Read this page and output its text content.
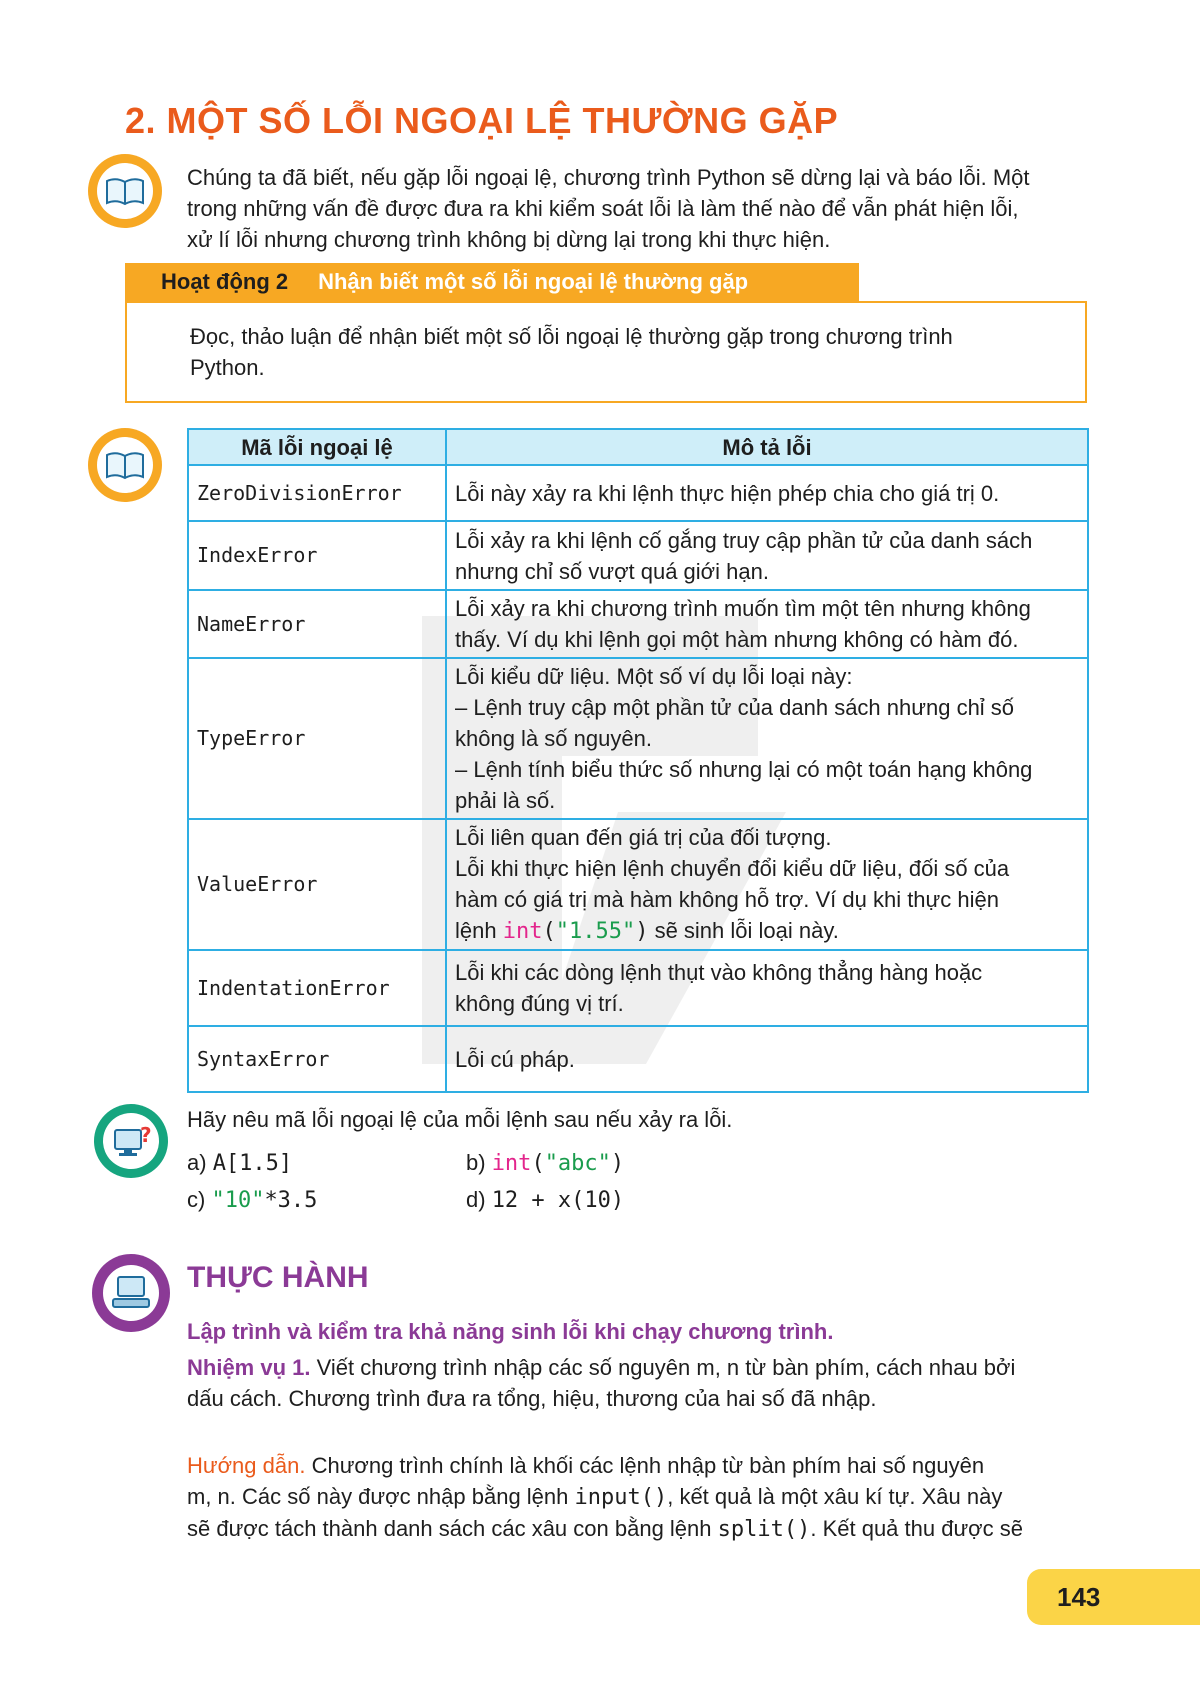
2. MỘT SỐ LỖI NGOẠI LỆ THƯỜNG GẶP
Chúng ta đã biết, nếu gặp lỗi ngoại lệ, chương trình Python sẽ dừng lại và báo lỗi. Một
trong những vấn đề được đưa ra khi kiểm soát lỗi là làm thế nào để vẫn phát hiện lỗi,
xử lí lỗi nhưng chương trình không bị dừng lại trong khi thực hiện.
Hoạt động 2 Nhận biết một số lỗi ngoại lệ thường gặp
Đọc, thảo luận để nhận biết một số lỗi ngoại lệ thường gặp trong chương trình
Python.
Mã lỗi ngoại lệ	Mô tả lỗi
ZeroDivisionError	Lỗi này xảy ra khi lệnh thực hiện phép chia cho giá trị 0.

IndexError	Lỗi xảy ra khi lệnh cố gắng truy cập phần tử của danh sách
nhưng chỉ số vượt quá giới hạn.

NameError	Lỗi xảy ra khi chương trình muốn tìm một tên nhưng không
thấy. Ví dụ khi lệnh gọi một hàm nhưng không có hàm đó.

TypeError	Lỗi kiểu dữ liệu. Một số ví dụ lỗi loại này:
– Lệnh truy cập một phần tử của danh sách nhưng chỉ số
không là số nguyên.
– Lệnh tính biểu thức số nhưng lại có một toán hạng không
phải là số.

ValueError	Lỗi liên quan đến giá trị của đối tượng.
Lỗi khi thực hiện lệnh chuyển đổi kiểu dữ liệu, đối số của
hàm có giá trị mà hàm không hỗ trợ. Ví dụ khi thực hiện
lệnh int("1.55") sẽ sinh lỗi loại này.

IndentationError	Lỗi khi các dòng lệnh thụt vào không thẳng hàng hoặc
không đúng vị trí.

SyntaxError	Lỗi cú pháp.
?
Hãy nêu mã lỗi ngoại lệ của mỗi lệnh sau nếu xảy ra lỗi.
a) A[1.5]	b) int("abc")
c) "10"*3.5	d) 12 + x(10)
THỰC HÀNH
Lập trình và kiểm tra khả năng sinh lỗi khi chạy chương trình.
Nhiệm vụ 1. Viết chương trình nhập các số nguyên m, n từ bàn phím, cách nhau bởi
dấu cách. Chương trình đưa ra tổng, hiệu, thương của hai số đã nhập.
Hướng dẫn. Chương trình chính là khối các lệnh nhập từ bàn phím hai số nguyên
m, n. Các số này được nhập bằng lệnh input(), kết quả là một xâu kí tự. Xâu này
sẽ được tách thành danh sách các xâu con bằng lệnh split(). Kết quả thu được sẽ
143
